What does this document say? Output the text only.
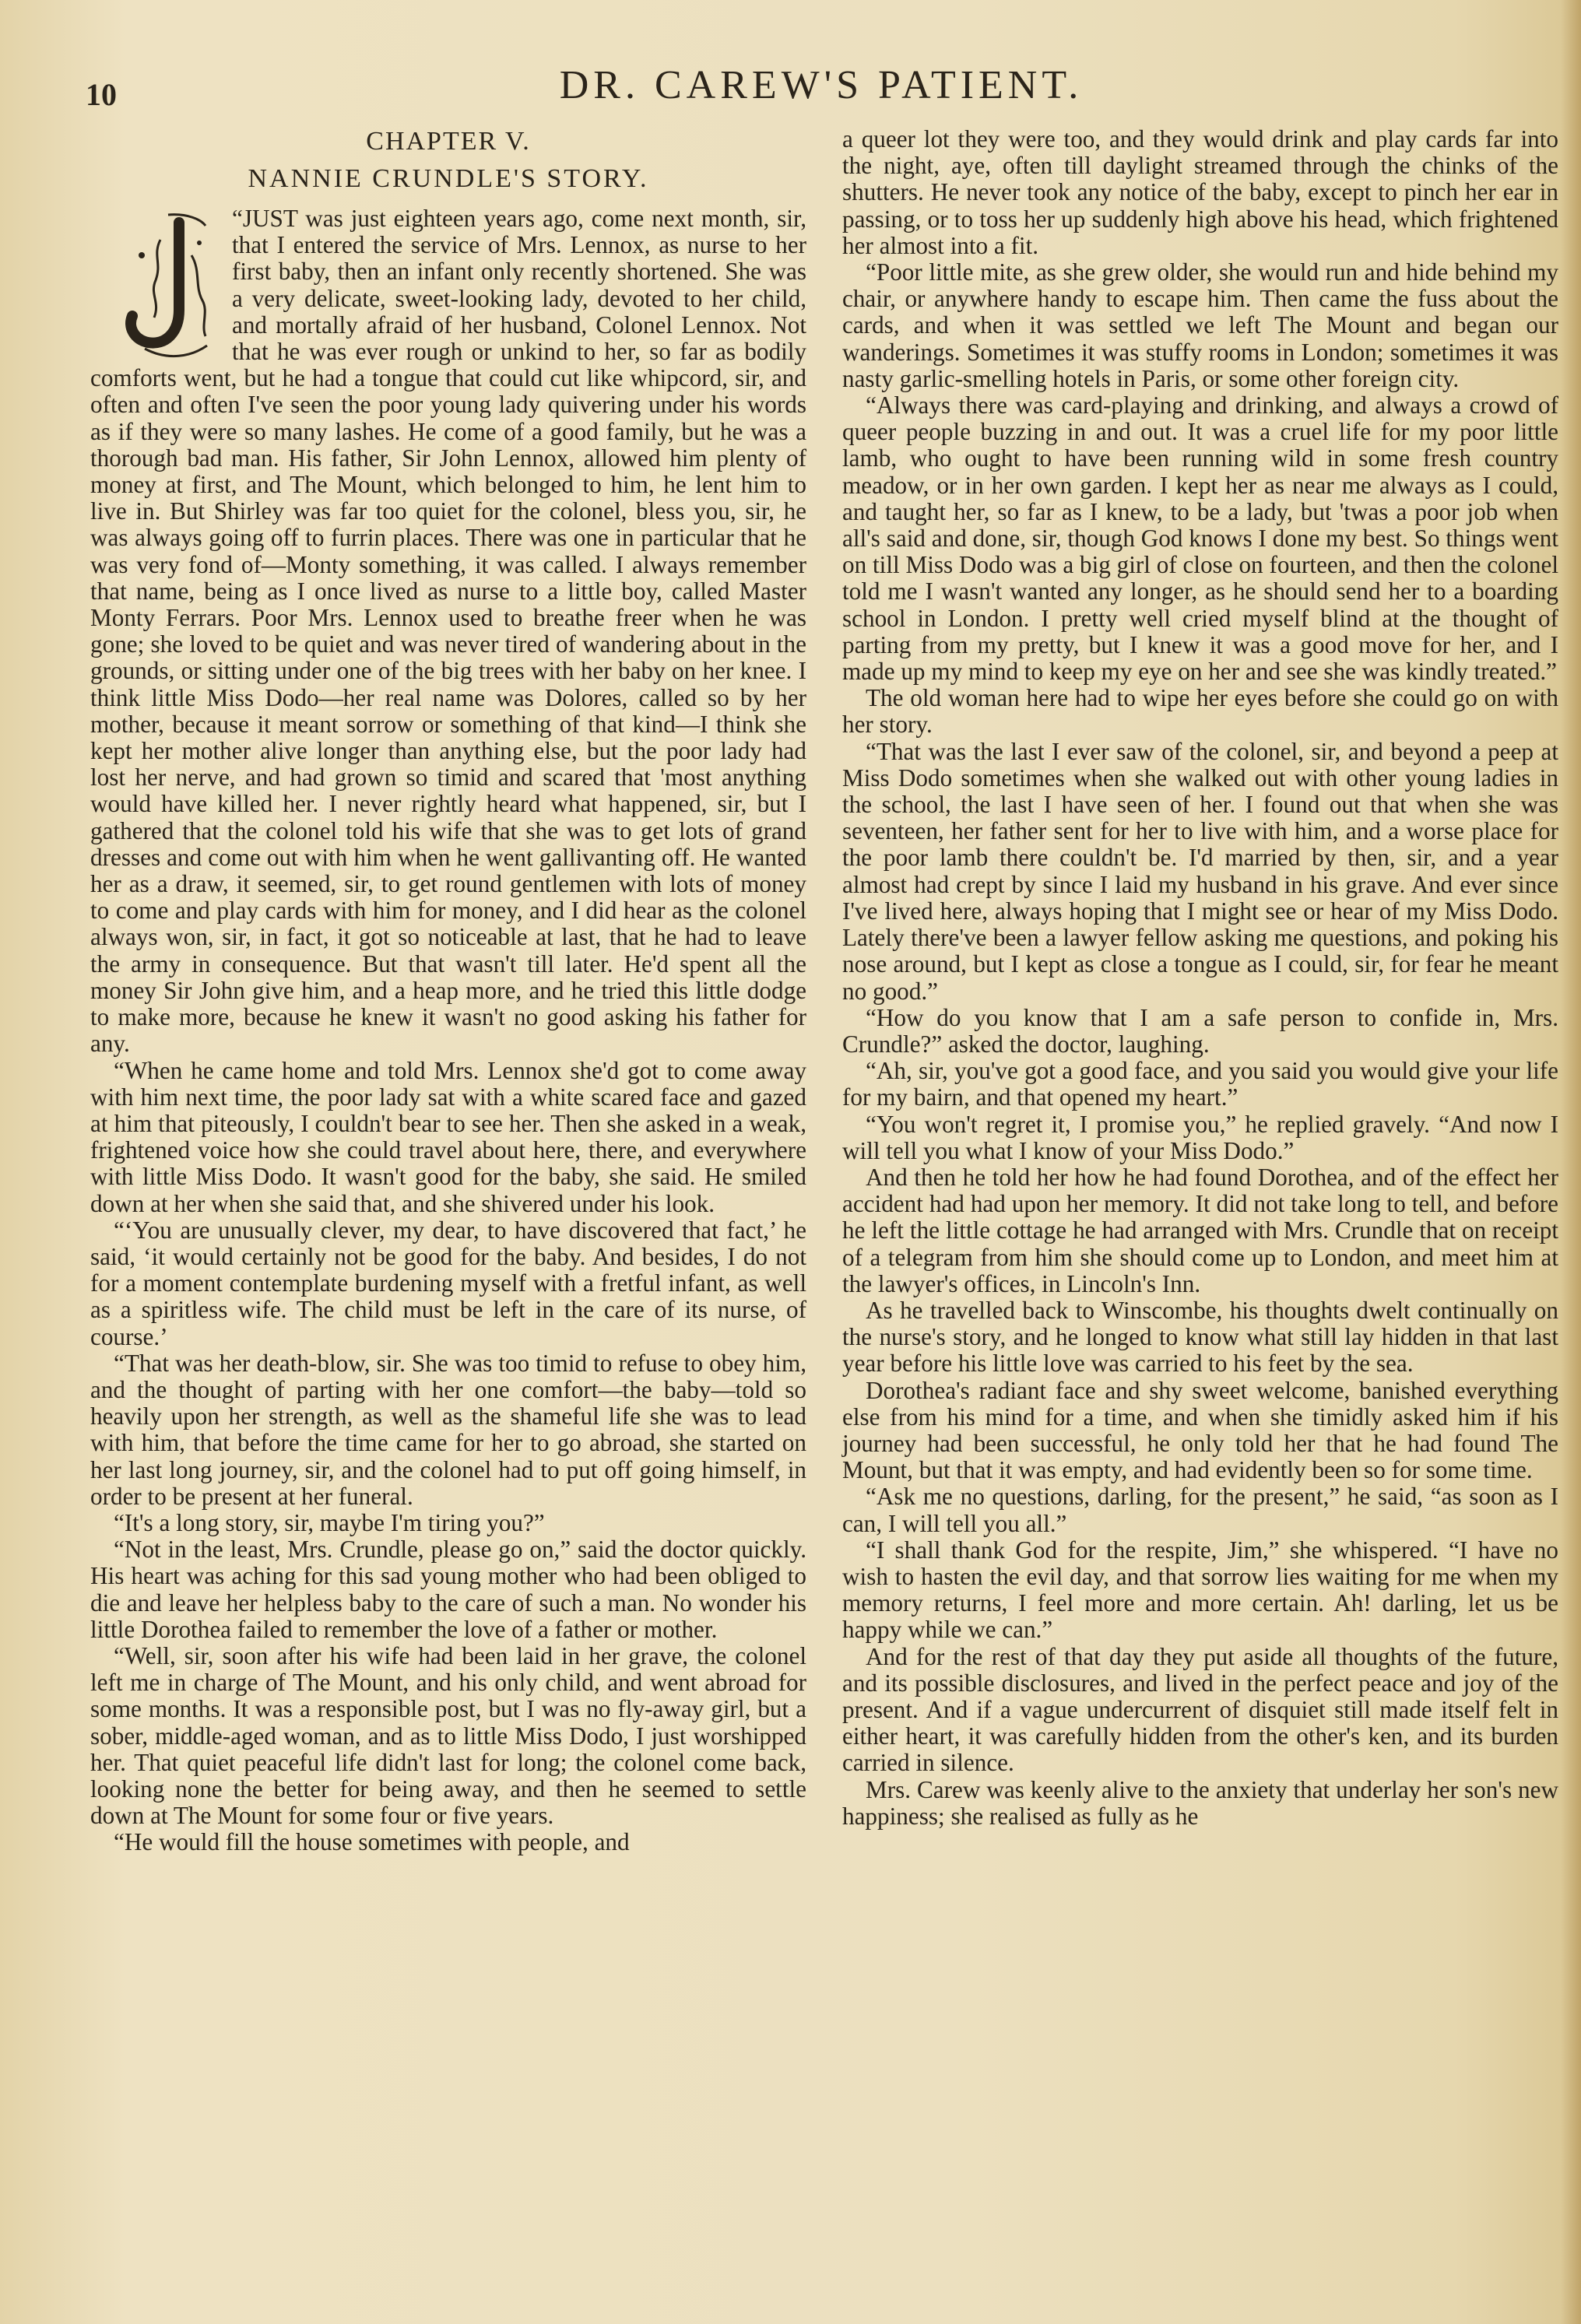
10	DR. CAREW'S PATIENT.
CHAPTER V.
NANNIE CRUNDLE'S STORY.

“JUST was just eighteen years ago, come next month, sir, that I entered the service of Mrs. Lennox, as nurse to her first baby, then an infant only recently shortened. She was a very delicate, sweet-looking lady, devoted to her child, and mortally afraid of her husband, Colonel Lennox. Not that he was ever rough or unkind to her, so far as bodily comforts went, but he had a tongue that could cut like whipcord, sir, and often and often I've seen the poor young lady quivering under his words as if they were so many lashes. He come of a good family, but he was a thorough bad man. His father, Sir John Lennox, allowed him plenty of money at first, and The Mount, which belonged to him, he lent him to live in. But Shirley was far too quiet for the colonel, bless you, sir, he was always going off to furrin places. There was one in particular that he was very fond of—Monty something, it was called. I always remember that name, being as I once lived as nurse to a little boy, called Master Monty Ferrars. Poor Mrs. Lennox used to breathe freer when he was gone; she loved to be quiet and was never tired of wandering about in the grounds, or sitting under one of the big trees with her baby on her knee. I think little Miss Dodo—her real name was Dolores, called so by her mother, because it meant sorrow or something of that kind—I think she kept her mother alive longer than anything else, but the poor lady had lost her nerve, and had grown so timid and scared that 'most anything would have killed her. I never rightly heard what happened, sir, but I gathered that the colonel told his wife that she was to get lots of grand dresses and come out with him when he went gallivanting off. He wanted her as a draw, it seemed, sir, to get round gentlemen with lots of money to come and play cards with him for money, and I did hear as the colonel always won, sir, in fact, it got so noticeable at last, that he had to leave the army in consequence. But that wasn't till later. He'd spent all the money Sir John give him, and a heap more, and he tried this little dodge to make more, because he knew it wasn't no good asking his father for any.

“When he came home and told Mrs. Lennox she'd got to come away with him next time, the poor lady sat with a white scared face and gazed at him that piteously, I couldn't bear to see her. Then she asked in a weak, frightened voice how she could travel about here, there, and everywhere with little Miss Dodo. It wasn't good for the baby, she said. He smiled down at her when she said that, and she shivered under his look.

“‘You are unusually clever, my dear, to have discovered that fact,’ he said, ‘it would certainly not be good for the baby. And besides, I do not for a moment contemplate burdening myself with a fretful infant, as well as a spiritless wife. The child must be left in the care of its nurse, of course.’

“That was her death-blow, sir. She was too timid to refuse to obey him, and the thought of parting with her one comfort—the baby—told so heavily upon her strength, as well as the shameful life she was to lead with him, that before the time came for her to go abroad, she started on her last long journey, sir, and the colonel had to put off going himself, in order to be present at her funeral.

“It's a long story, sir, maybe I'm tiring you?”

“Not in the least, Mrs. Crundle, please go on,” said the doctor quickly. His heart was aching for this sad young mother who had been obliged to die and leave her helpless baby to the care of such a man. No wonder his little Dorothea failed to remember the love of a father or mother.

“Well, sir, soon after his wife had been laid in her grave, the colonel left me in charge of The Mount, and his only child, and went abroad for some months. It was a responsible post, but I was no fly-away girl, but a sober, middle-aged woman, and as to little Miss Dodo, I just worshipped her. That quiet peaceful life didn't last for long; the colonel come back, looking none the better for being away, and then he seemed to settle down at The Mount for some four or five years.

“He would fill the house sometimes with people, and

a queer lot they were too, and they would drink and play cards far into the night, aye, often till daylight streamed through the chinks of the shutters. He never took any notice of the baby, except to pinch her ear in passing, or to toss her up suddenly high above his head, which frightened her almost into a fit.

“Poor little mite, as she grew older, she would run and hide behind my chair, or anywhere handy to escape him. Then came the fuss about the cards, and when it was settled we left The Mount and began our wanderings. Sometimes it was stuffy rooms in London; sometimes it was nasty garlic-smelling hotels in Paris, or some other foreign city.

“Always there was card-playing and drinking, and always a crowd of queer people buzzing in and out. It was a cruel life for my poor little lamb, who ought to have been running wild in some fresh country meadow, or in her own garden. I kept her as near me always as I could, and taught her, so far as I knew, to be a lady, but 'twas a poor job when all's said and done, sir, though God knows I done my best. So things went on till Miss Dodo was a big girl of close on fourteen, and then the colonel told me I wasn't wanted any longer, as he should send her to a boarding school in London. I pretty well cried myself blind at the thought of parting from my pretty, but I knew it was a good move for her, and I made up my mind to keep my eye on her and see she was kindly treated.”

The old woman here had to wipe her eyes before she could go on with her story.

“That was the last I ever saw of the colonel, sir, and beyond a peep at Miss Dodo sometimes when she walked out with other young ladies in the school, the last I have seen of her. I found out that when she was seventeen, her father sent for her to live with him, and a worse place for the poor lamb there couldn't be. I'd married by then, sir, and a year almost had crept by since I laid my husband in his grave. And ever since I've lived here, always hoping that I might see or hear of my Miss Dodo. Lately there've been a lawyer fellow asking me questions, and poking his nose around, but I kept as close a tongue as I could, sir, for fear he meant no good.”

“How do you know that I am a safe person to confide in, Mrs. Crundle?” asked the doctor, laughing.

“Ah, sir, you've got a good face, and you said you would give your life for my bairn, and that opened my heart.”

“You won't regret it, I promise you,” he replied gravely. “And now I will tell you what I know of your Miss Dodo.”

And then he told her how he had found Dorothea, and of the effect her accident had had upon her memory. It did not take long to tell, and before he left the little cottage he had arranged with Mrs. Crundle that on receipt of a telegram from him she should come up to London, and meet him at the lawyer's offices, in Lincoln's Inn.

As he travelled back to Winscombe, his thoughts dwelt continually on the nurse's story, and he longed to know what still lay hidden in that last year before his little love was carried to his feet by the sea.

Dorothea's radiant face and shy sweet welcome, banished everything else from his mind for a time, and when she timidly asked him if his journey had been successful, he only told her that he had found The Mount, but that it was empty, and had evidently been so for some time.

“Ask me no questions, darling, for the present,” he said, “as soon as I can, I will tell you all.”

“I shall thank God for the respite, Jim,” she whispered. “I have no wish to hasten the evil day, and that sorrow lies waiting for me when my memory returns, I feel more and more certain. Ah! darling, let us be happy while we can.”

And for the rest of that day they put aside all thoughts of the future, and its possible disclosures, and lived in the perfect peace and joy of the present. And if a vague undercurrent of disquiet still made itself felt in either heart, it was carefully hidden from the other's ken, and its burden carried in silence.

Mrs. Carew was keenly alive to the anxiety that underlay her son's new happiness; she realised as fully as he
